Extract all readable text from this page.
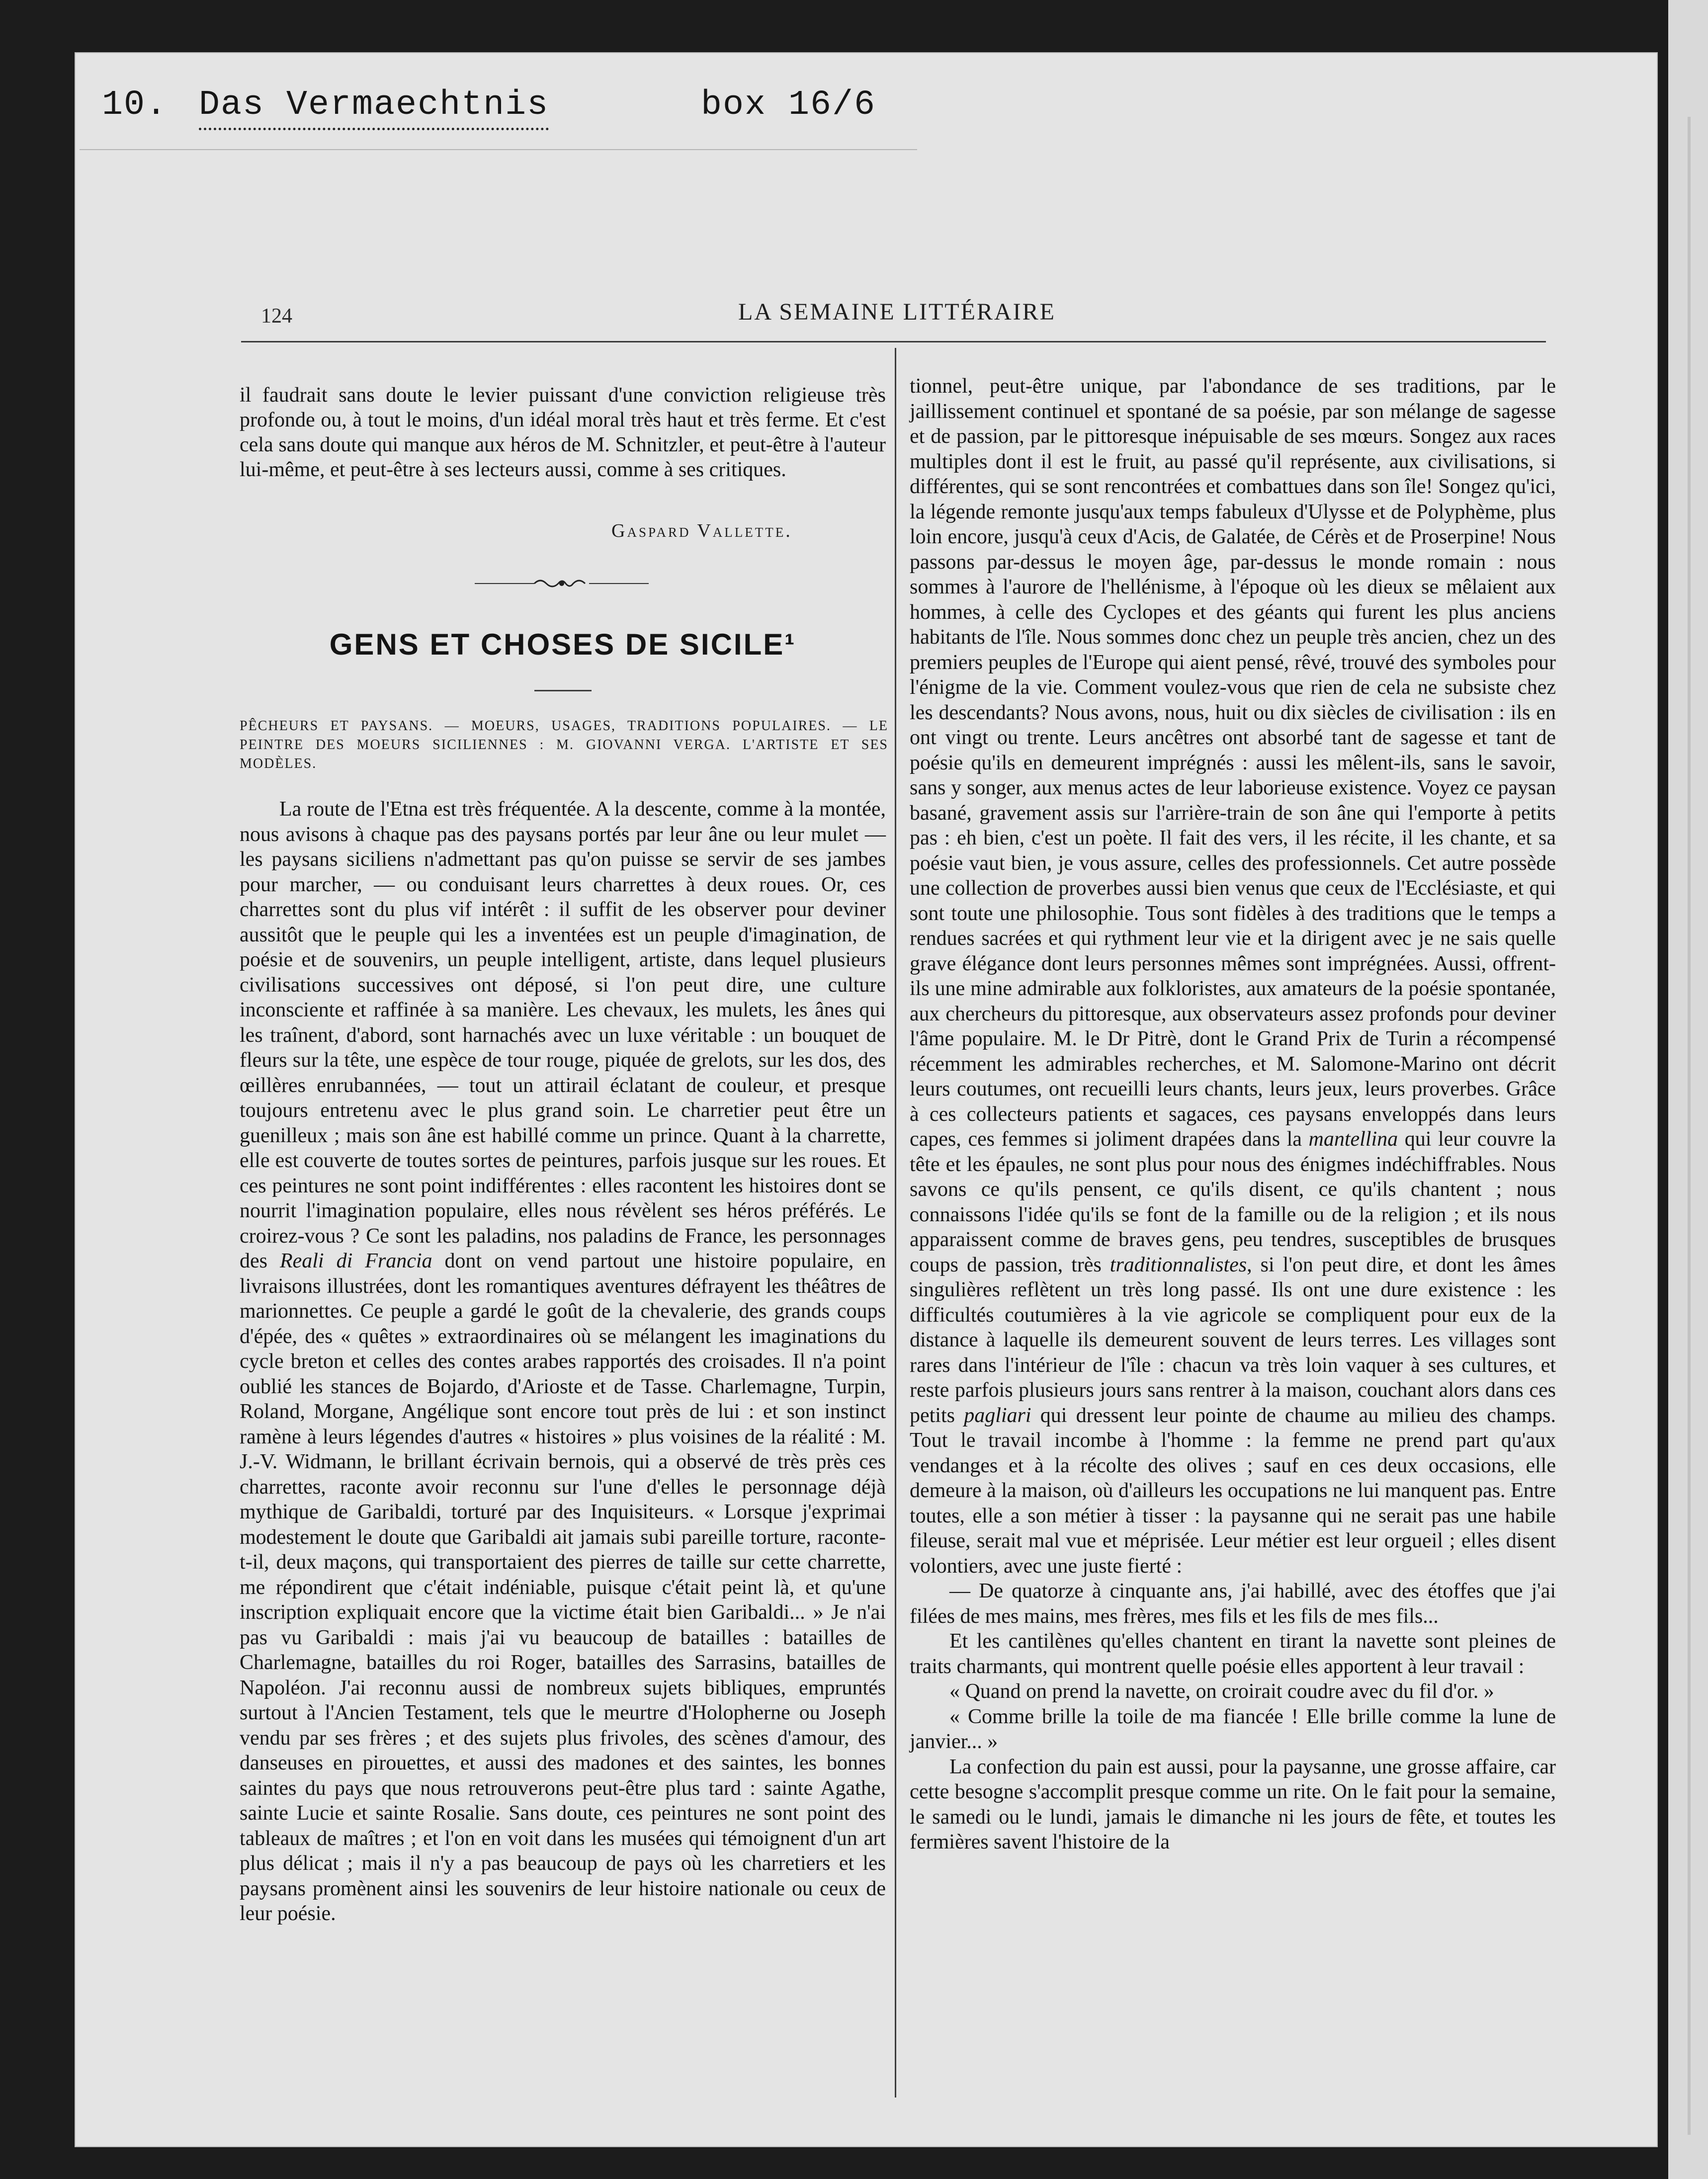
10. Das Vermaechtnis	box 16/6
124	LA SEMAINE LITTÉRAIRE

il faudrait sans doute le levier puissant d'une conviction religieuse très profonde ou, à tout le moins, d'un idéal moral très haut et très ferme. Et c'est cela sans doute qui manque aux héros de M. Schnitzler, et peut-être à l'auteur lui-même, et peut-être à ses lecteurs aussi, comme à ses critiques.

Gaspard Vallette.
GENS ET CHOSES DE SICILE¹
PÊCHEURS ET PAYSANS. — MOEURS, USAGES, TRADITIONS POPULAIRES. — LE PEINTRE DES MOEURS SICILIENNES : M. GIOVANNI VERGA. L'ARTISTE ET SES MODÈLES.

La route de l'Etna est très fréquentée. A la descente, comme à la montée, nous avisons à chaque pas des paysans portés par leur âne ou leur mulet — les paysans siciliens n'admettant pas qu'on puisse se servir de ses jambes pour marcher, — ou conduisant leurs charrettes à deux roues. Or, ces charrettes sont du plus vif intérêt : il suffit de les observer pour deviner aussitôt que le peuple qui les a inventées est un peuple d'imagination, de poésie et de souvenirs, un peuple intelligent, artiste, dans lequel plusieurs civilisations successives ont déposé, si l'on peut dire, une culture inconsciente et raffinée à sa manière. Les chevaux, les mulets, les ânes qui les traînent, d'abord, sont harnachés avec un luxe véritable : un bouquet de fleurs sur la tête, une espèce de tour rouge, piquée de grelots, sur les dos, des œillères enrubannées, — tout un attirail éclatant de couleur, et presque toujours entretenu avec le plus grand soin. Le charretier peut être un guenilleux ; mais son âne est habillé comme un prince. Quant à la charrette, elle est couverte de toutes sortes de peintures, parfois jusque sur les roues. Et ces peintures ne sont point indifférentes : elles racontent les histoires dont se nourrit l'imagination populaire, elles nous révèlent ses héros préférés. Le croirez-vous ? Ce sont les paladins, nos paladins de France, les personnages des Reali di Francia dont on vend partout une histoire populaire, en livraisons illustrées, dont les romantiques aventures défrayent les théâtres de marionnettes. Ce peuple a gardé le goût de la chevalerie, des grands coups d'épée, des « quêtes » extraordinaires où se mélangent les imaginations du cycle breton et celles des contes arabes rapportés des croisades. Il n'a point oublié les stances de Bojardo, d'Arioste et de Tasse. Charlemagne, Turpin, Roland, Morgane, Angélique sont encore tout près de lui : et son instinct ramène à leurs légendes d'autres « histoires » plus voisines de la réalité : M. J.-V. Widmann, le brillant écrivain bernois, qui a observé de très près ces charrettes, raconte avoir reconnu sur l'une d'elles le personnage déjà mythique de Garibaldi, torturé par des Inquisiteurs. « Lorsque j'exprimai modestement le doute que Garibaldi ait jamais subi pareille torture, raconte-t-il, deux maçons, qui transportaient des pierres de taille sur cette charrette, me répondirent que c'était indéniable, puisque c'était peint là, et qu'une inscription expliquait encore que la victime était bien Garibaldi... » Je n'ai pas vu Garibaldi : mais j'ai vu beaucoup de batailles : batailles de Charlemagne, batailles du roi Roger, batailles des Sarrasins, batailles de Napoléon. J'ai reconnu aussi de nombreux sujets bibliques, empruntés surtout à l'Ancien Testament, tels que le meurtre d'Holopherne ou Joseph vendu par ses frères ; et des sujets plus frivoles, des scènes d'amour, des danseuses en pirouettes, et aussi des madones et des saintes, les bonnes saintes du pays que nous retrouverons peut-être plus tard : sainte Agathe, sainte Lucie et sainte Rosalie. Sans doute, ces peintures ne sont point des tableaux de maîtres ; et l'on en voit dans les musées qui témoignent d'un art plus délicat ; mais il n'y a pas beaucoup de pays où les charretiers et les paysans promènent ainsi les souvenirs de leur histoire nationale ou ceux de leur poésie.

tionnel, peut-être unique, par l'abondance de ses traditions, par le jaillissement continuel et spontané de sa poésie, par son mélange de sagesse et de passion, par le pittoresque inépuisable de ses mœurs. Songez aux races multiples dont il est le fruit, au passé qu'il représente, aux civilisations, si différentes, qui se sont rencontrées et combattues dans son île! Songez qu'ici, la légende remonte jusqu'aux temps fabuleux d'Ulysse et de Polyphème, plus loin encore, jusqu'à ceux d'Acis, de Galatée, de Cérès et de Proserpine! Nous passons par-dessus le moyen âge, par-dessus le monde romain : nous sommes à l'aurore de l'hellénisme, à l'époque où les dieux se mêlaient aux hommes, à celle des Cyclopes et des géants qui furent les plus anciens habitants de l'île. Nous sommes donc chez un peuple très ancien, chez un des premiers peuples de l'Europe qui aient pensé, rêvé, trouvé des symboles pour l'énigme de la vie. Comment voulez-vous que rien de cela ne subsiste chez les descendants? Nous avons, nous, huit ou dix siècles de civilisation : ils en ont vingt ou trente. Leurs ancêtres ont absorbé tant de sagesse et tant de poésie qu'ils en demeurent imprégnés : aussi les mêlent-ils, sans le savoir, sans y songer, aux menus actes de leur laborieuse existence. Voyez ce paysan basané, gravement assis sur l'arrière-train de son âne qui l'emporte à petits pas : eh bien, c'est un poète. Il fait des vers, il les récite, il les chante, et sa poésie vaut bien, je vous assure, celles des professionnels. Cet autre possède une collection de proverbes aussi bien venus que ceux de l'Ecclésiaste, et qui sont toute une philosophie. Tous sont fidèles à des traditions que le temps a rendues sacrées et qui rythment leur vie et la dirigent avec je ne sais quelle grave élégance dont leurs personnes mêmes sont imprégnées. Aussi, offrent-ils une mine admirable aux folkloristes, aux amateurs de la poésie spontanée, aux chercheurs du pittoresque, aux observateurs assez profonds pour deviner l'âme populaire. M. le Dr Pitrè, dont le Grand Prix de Turin a récompensé récemment les admirables recherches, et M. Salomone-Marino ont décrit leurs coutumes, ont recueilli leurs chants, leurs jeux, leurs proverbes. Grâce à ces collecteurs patients et sagaces, ces paysans enveloppés dans leurs capes, ces femmes si joliment drapées dans la mantellina qui leur couvre la tête et les épaules, ne sont plus pour nous des énigmes indéchiffrables. Nous savons ce qu'ils pensent, ce qu'ils disent, ce qu'ils chantent ; nous connaissons l'idée qu'ils se font de la famille ou de la religion ; et ils nous apparaissent comme de braves gens, peu tendres, susceptibles de brusques coups de passion, très traditionnalistes, si l'on peut dire, et dont les âmes singulières reflètent un très long passé. Ils ont une dure existence : les difficultés coutumières à la vie agricole se compliquent pour eux de la distance à laquelle ils demeurent souvent de leurs terres. Les villages sont rares dans l'intérieur de l'île : chacun va très loin vaquer à ses cultures, et reste parfois plusieurs jours sans rentrer à la maison, couchant alors dans ces petits pagliari qui dressent leur pointe de chaume au milieu des champs. Tout le travail incombe à l'homme : la femme ne prend part qu'aux vendanges et à la récolte des olives ; sauf en ces deux occasions, elle demeure à la maison, où d'ailleurs les occupations ne lui manquent pas. Entre toutes, elle a son métier à tisser : la paysanne qui ne serait pas une habile fileuse, serait mal vue et méprisée. Leur métier est leur orgueil ; elles disent volontiers, avec une juste fierté :

— De quatorze à cinquante ans, j'ai habillé, avec des étoffes que j'ai filées de mes mains, mes frères, mes fils et les fils de mes fils...

Et les cantilènes qu'elles chantent en tirant la navette sont pleines de traits charmants, qui montrent quelle poésie elles apportent à leur travail :

« Quand on prend la navette, on croirait coudre avec du fil d'or. »

« Comme brille la toile de ma fiancée ! Elle brille comme la lune de janvier... »

La confection du pain est aussi, pour la paysanne, une grosse affaire, car cette besogne s'accomplit presque comme un rite. On le fait pour la semaine, le samedi ou le lundi, jamais le dimanche ni les jours de fête, et toutes les fermières savent l'histoire de la
